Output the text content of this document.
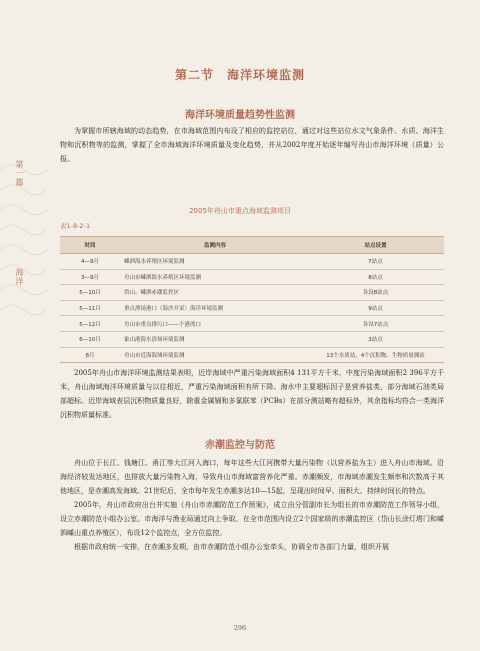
第一篇
海洋
第二节　海洋环境监测
海洋环境质量趋势性监测

为掌握市所辖海域的动态趋势，在市海域范围内布设了相应的监控站位，通过对这些站位水文气象条件、水质、海洋生物和沉积物等的监测，掌握了全市海域海洋环境质量及变化趋势，并从2002年度开始逐年编写舟山市海洋环境（质量）公报。

2005年舟山市重点海域监测项目
表1-8-2-1
时间	监测内容	站点设置
4—9月	嵊泗海水养殖区环境监测	7站点
3—9月	舟山市嵊泗海水养殖区环境监测	8站点
5—10月	岱山、嵊泗赤潮监控区	各设8站点
5—11月	重点渔场港口（海沙开采）海洋环境监测	9站点
5—12月	舟山市重点排污口——个港湾口	各设7站点
6—10月	象山港海水浴场环境监测	3站点
8月	舟山市近海海域环境监测	13个水质站，4个沉积物、生物质量测站

2005年舟山市海洋环境监测结果表明，近岸海域中严重污染海域面积4 131平方千米，中度污染海域面积2 396平方千米，舟山海域海洋环境质量与以往相近，严重污染海域面积有所下降。海水中主要超标因子是营养盐类，部分海域石油类局部超标。近岸海域表层沉积物质量良好，除重金属镉和多氯联苯（PCBs）在部分测站略有超标外，其余指标均符合一类海洋沉积物质量标准。

赤潮监控与防范

舟山位于长江、钱塘江、甬江等大江河入海口，每年这些大江河携带大量污染物（以营养盐为主）进入舟山市海域。沿海经济较发达地区，也排放大量污染物入海，导致舟山市海域富营养化严重。赤潮频发，市海域赤潮发生频率和次数高于其他地区，是赤潮高发海域。21世纪后，全市每年发生赤潮多达10—15起，呈现出时间早、面积大、持续时间长的特点。

2005年，舟山市政府出台并实施《舟山市赤潮防范工作预案》，成立由分管副市长为组长的市赤潮防范工作领导小组，设立赤潮防范小组办公室。市海洋与渔业局通过向上争取，在全市范围内设立2个国家级的赤潮监控区（岱山长涂灯塔门和嵊泗嵊山重点养殖区），布设12个监控点，全方位监控。

根据市政府统一安排，在赤潮多发期，由市赤潮防范小组办公室牵头，协调全市各部门力量，组织开展

296
